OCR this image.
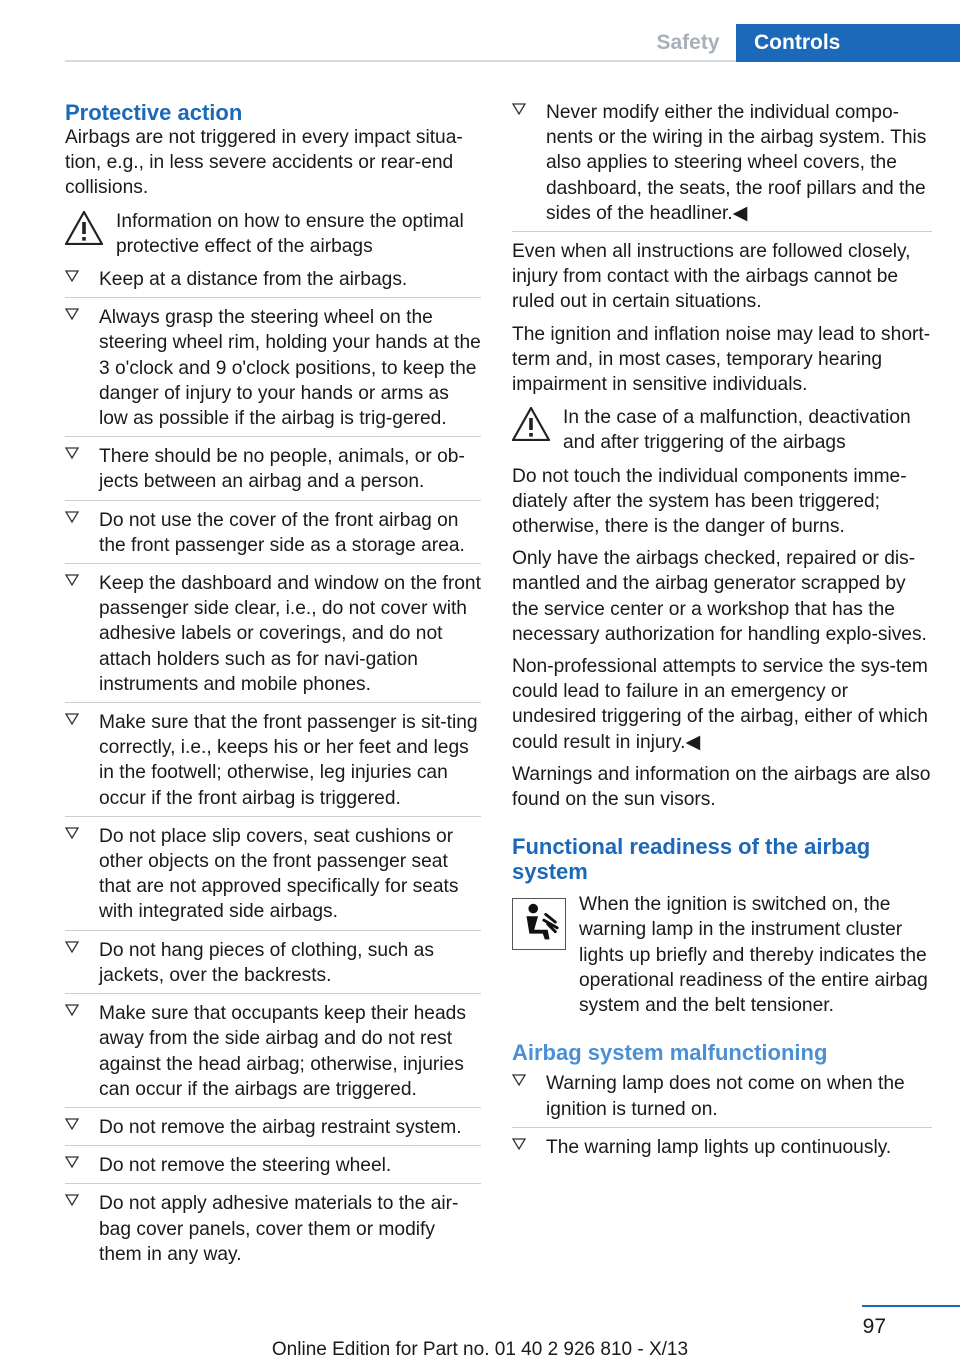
Safety	Controls
Protective action

Airbags are not triggered in every impact situa-tion, e.g., in less severe accidents or rear-end collisions.

Information on how to ensure the optimal protective effect of the airbags
Keep at a distance from the airbags.
Always grasp the steering wheel on the steering wheel rim, holding your hands at the 3 o'clock and 9 o'clock positions, to keep the danger of injury to your hands or arms as low as possible if the airbag is trig-gered.
There should be no people, animals, or ob-jects between an airbag and a person.
Do not use the cover of the front airbag on the front passenger side as a storage area.
Keep the dashboard and window on the front passenger side clear, i.e., do not cover with adhesive labels or coverings, and do not attach holders such as for navi-gation instruments and mobile phones.
Make sure that the front passenger is sit-ting correctly, i.e., keeps his or her feet and legs in the footwell; otherwise, leg injuries can occur if the front airbag is triggered.
Do not place slip covers, seat cushions or other objects on the front passenger seat that are not approved specifically for seats with integrated side airbags.
Do not hang pieces of clothing, such as jackets, over the backrests.
Make sure that occupants keep their heads away from the side airbag and do not rest against the head airbag; otherwise, injuries can occur if the airbags are triggered.
Do not remove the airbag restraint system.
Do not remove the steering wheel.
Do not apply adhesive materials to the air-bag cover panels, cover them or modify them in any way.
Never modify either the individual compo-nents or the wiring in the airbag system. This also applies to steering wheel covers, the dashboard, the seats, the roof pillars and the sides of the headliner.◀

Even when all instructions are followed closely, injury from contact with the airbags cannot be ruled out in certain situations.

The ignition and inflation noise may lead to short-term and, in most cases, temporary hearing impairment in sensitive individuals.

In the case of a malfunction, deactivation and after triggering of the airbags

Do not touch the individual components imme-diately after the system has been triggered; otherwise, there is the danger of burns.

Only have the airbags checked, repaired or dis-mantled and the airbag generator scrapped by the service center or a workshop that has the necessary authorization for handling explo-sives.

Non-professional attempts to service the sys-tem could lead to failure in an emergency or undesired triggering of the airbag, either of which could result in injury.◀

Warnings and information on the airbags are also found on the sun visors.

Functional readiness of the airbag system
When the ignition is switched on, the warning lamp in the instrument cluster lights up briefly and thereby indicates the operational readiness of the entire airbag system and the belt tensioner.
Airbag system malfunctioning
Warning lamp does not come on when the ignition is turned on.
The warning lamp lights up continuously.
97
Online Edition for Part no. 01 40 2 926 810 - X/13
